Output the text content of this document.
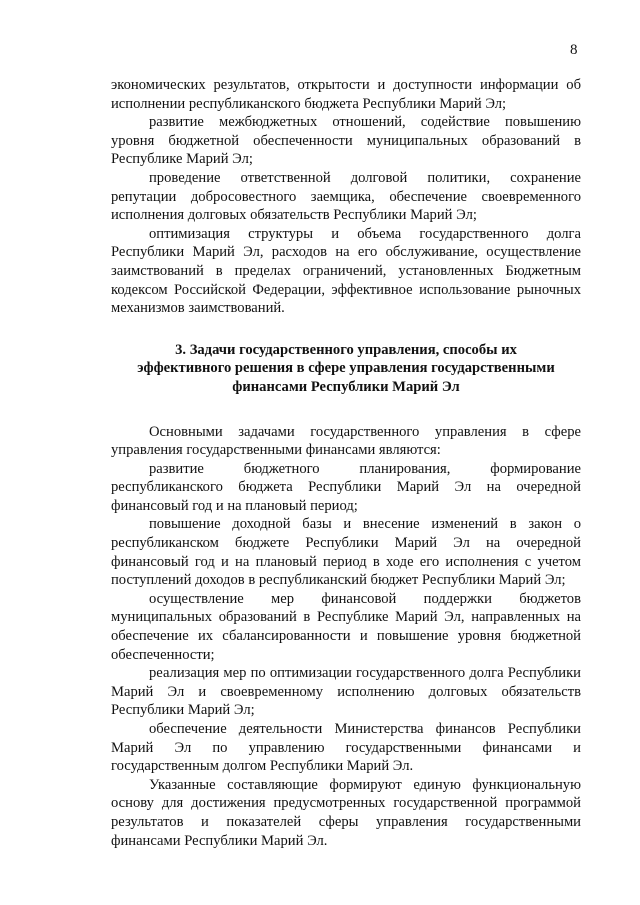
8

экономических результатов, открытости и доступности информации об исполнении республиканского бюджета Республики Марий Эл;

развитие межбюджетных отношений, содействие повышению уровня бюджетной обеспеченности муниципальных образований в Республике Марий Эл;

проведение ответственной долговой политики, сохранение репутации добросовестного заемщика, обеспечение своевременного исполнения долговых обязательств Республики Марий Эл;

оптимизация структуры и объема государственного долга Республики Марий Эл, расходов на его обслуживание, осуществление заимствований в пределах ограничений, установленных Бюджетным кодексом Российской Федерации, эффективное использование рыночных механизмов заимствований.

3. Задачи государственного управления, способы их
эффективного решения в сфере управления государственными
финансами Республики Марий Эл

Основными задачами государственного управления в сфере управления государственными финансами являются:

развитие бюджетного планирования, формирование республиканского бюджета Республики Марий Эл на очередной финансовый год и на плановый период;

повышение доходной базы и внесение изменений в закон о республиканском бюджете Республики Марий Эл на очередной финансовый год и на плановый период в ходе его исполнения с учетом поступлений доходов в республиканский бюджет Республики Марий Эл;

осуществление мер финансовой поддержки бюджетов муниципальных образований в Республике Марий Эл, направленных на обеспечение их сбалансированности и повышение уровня бюджетной обеспеченности;

реализация мер по оптимизации государственного долга Республики Марий Эл и своевременному исполнению долговых обязательств Республики Марий Эл;

обеспечение деятельности Министерства финансов Республики Марий Эл по управлению государственными финансами и государственным долгом Республики Марий Эл.

Указанные составляющие формируют единую функциональную основу для достижения предусмотренных государственной программой результатов и показателей сферы управления государственными финансами Республики Марий Эл.
